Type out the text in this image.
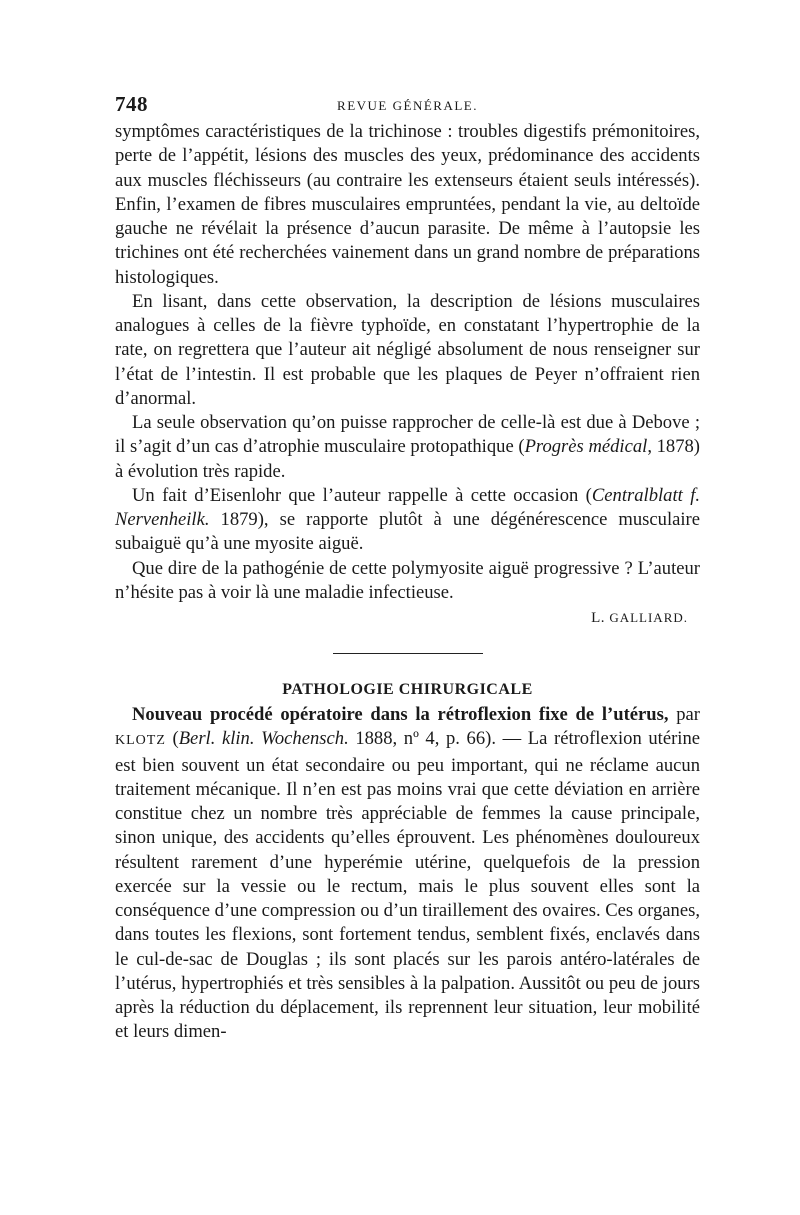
748	REVUE GÉNÉRALE.

symptômes caractéristiques de la trichinose : troubles digestifs prémonitoires, perte de l’appétit, lésions des muscles des yeux, prédominance des accidents aux muscles fléchisseurs (au contraire les extenseurs étaient seuls intéressés). Enfin, l’examen de fibres musculaires empruntées, pendant la vie, au deltoïde gauche ne révélait la présence d’aucun parasite. De même à l’autopsie les trichines ont été recherchées vainement dans un grand nombre de préparations histologiques.

En lisant, dans cette observation, la description de lésions musculaires analogues à celles de la fièvre typhoïde, en constatant l’hypertrophie de la rate, on regrettera que l’auteur ait négligé absolument de nous renseigner sur l’état de l’intestin. Il est probable que les plaques de Peyer n’offraient rien d’anormal.

La seule observation qu’on puisse rapprocher de celle-là est due à Debove ; il s’agit d’un cas d’atrophie musculaire protopathique (Progrès médical, 1878) à évolution très rapide.

Un fait d’Eisenlohr que l’auteur rappelle à cette occasion (Centralblatt f. Nervenheilk. 1879), se rapporte plutôt à une dégénérescence musculaire subaiguë qu’à une myosite aiguë.

Que dire de la pathogénie de cette polymyosite aiguë progressive ? L’auteur n’hésite pas à voir là une maladie infectieuse.

L. GALLIARD.
PATHOLOGIE CHIRURGICALE

Nouveau procédé opératoire dans la rétroflexion fixe de l’utérus, par KLOTZ (Berl. klin. Wochensch. 1888, nº 4, p. 66). — La rétroflexion utérine est bien souvent un état secondaire ou peu important, qui ne réclame aucun traitement mécanique. Il n’en est pas moins vrai que cette déviation en arrière constitue chez un nombre très appréciable de femmes la cause principale, sinon unique, des accidents qu’elles éprouvent. Les phénomènes douloureux résultent rarement d’une hyperémie utérine, quelquefois de la pression exercée sur la vessie ou le rectum, mais le plus souvent elles sont la conséquence d’une compression ou d’un tiraillement des ovaires. Ces organes, dans toutes les flexions, sont fortement tendus, semblent fixés, enclavés dans le cul-de-sac de Douglas ; ils sont placés sur les parois antéro-latérales de l’utérus, hypertrophiés et très sensibles à la palpation. Aussitôt ou peu de jours après la réduction du déplacement, ils reprennent leur situation, leur mobilité et leurs dimen-
